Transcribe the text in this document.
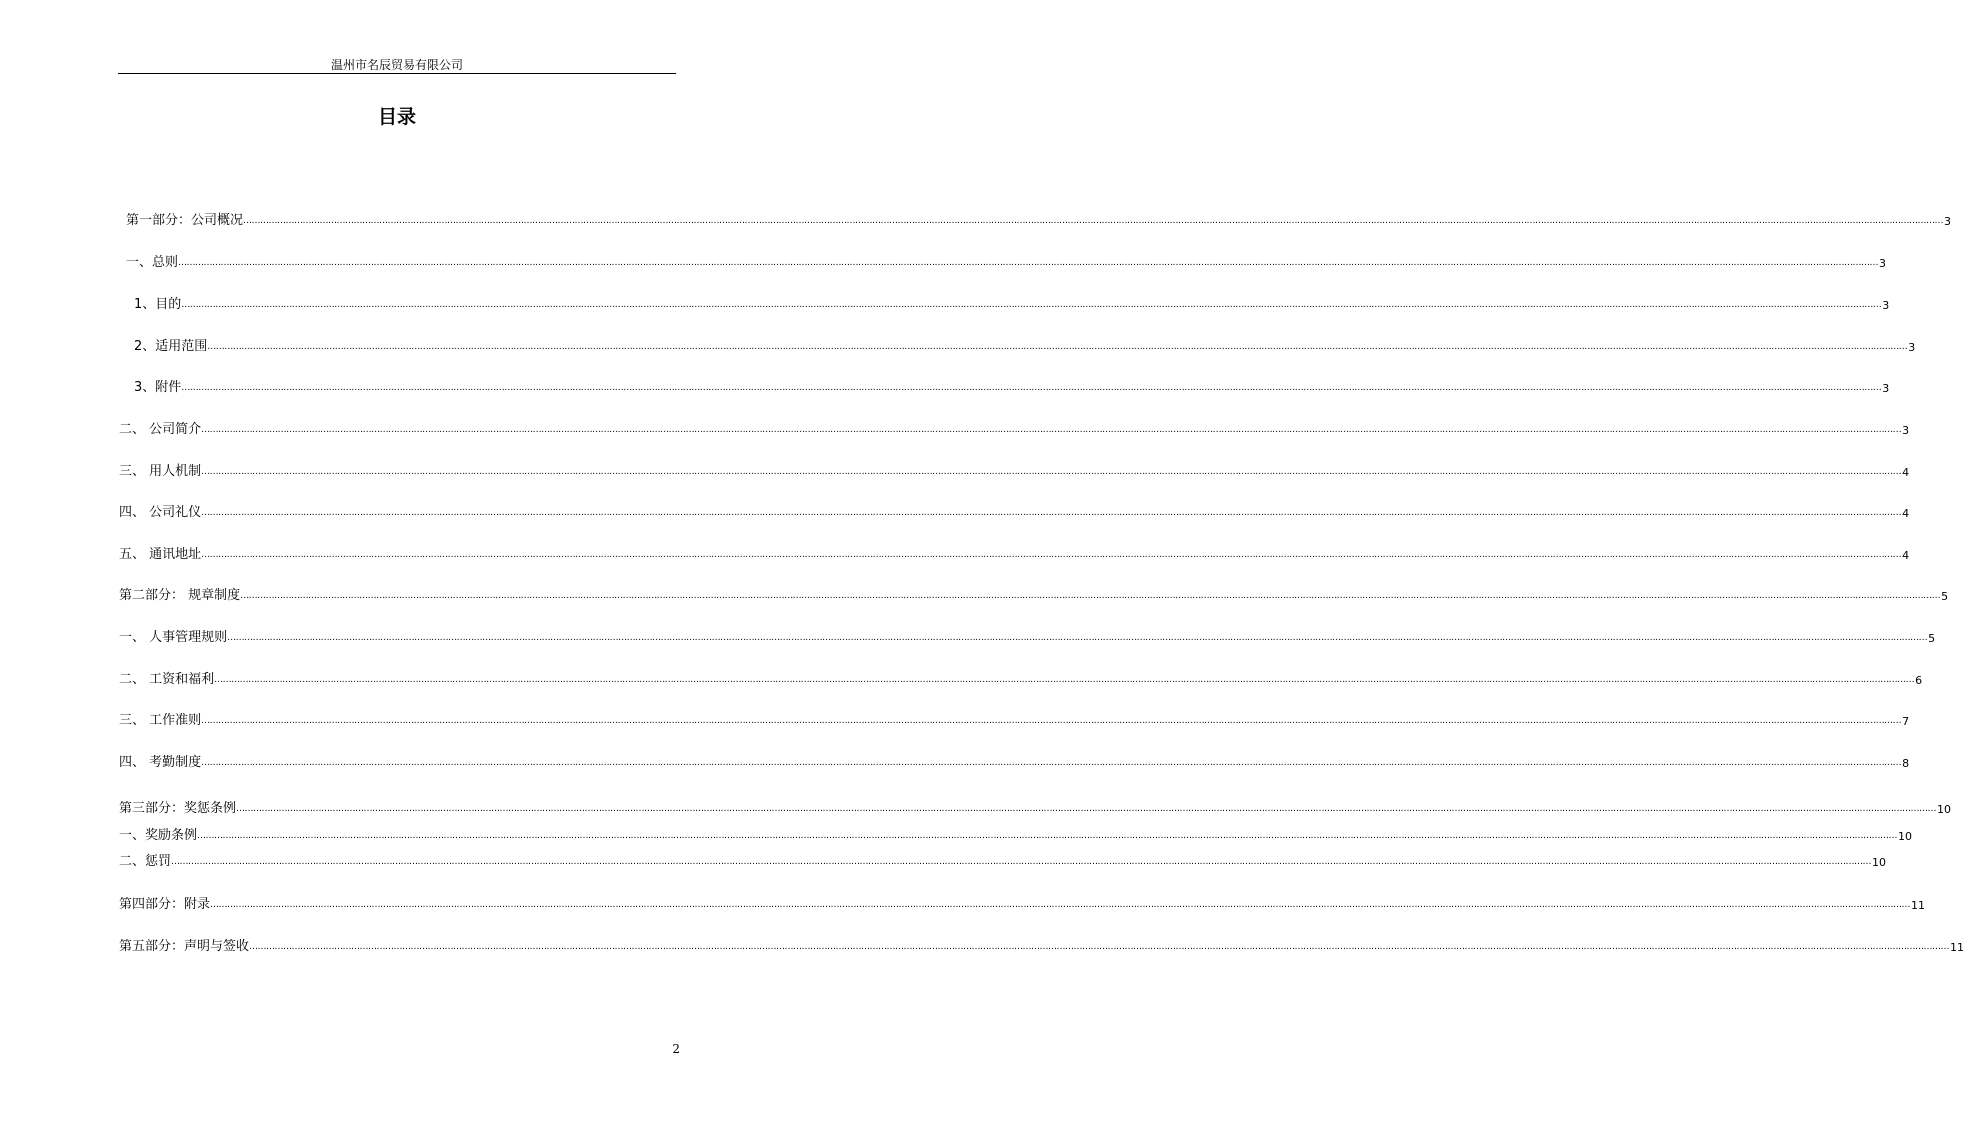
温州市名辰贸易有限公司
目录
第一部分：公司概况 …………………………………………………………………………………………………………………………………………………………………………………………………………………………………………………………………………………………………………………………………………………………………………………………………………………………………………………………………………………………………………………………………………………… 3
一、总则 …………………………………………………………………………………………………………………………………………………………………………………………………………………………………………………………………………………………………………………………………………………………………………………………………………………………………………………………………………………………………………………………………………………… 3
1、目的 …………………………………………………………………………………………………………………………………………………………………………………………………………………………………………………………………………………………………………………………………………………………………………………………………………………………………………………………………………………………………………………………………………………… 3
2、适用范围 …………………………………………………………………………………………………………………………………………………………………………………………………………………………………………………………………………………………………………………………………………………………………………………………………………………………………………………………………………………………………………………………………………………… 3
3、附件 …………………………………………………………………………………………………………………………………………………………………………………………………………………………………………………………………………………………………………………………………………………………………………………………………………………………………………………………………………………………………………………………………………………… 3
二、 公司简介 …………………………………………………………………………………………………………………………………………………………………………………………………………………………………………………………………………………………………………………………………………………………………………………………………………………………………………………………………………………………………………………………………………………… 3
三、 用人机制 …………………………………………………………………………………………………………………………………………………………………………………………………………………………………………………………………………………………………………………………………………………………………………………………………………………………………………………………………………………………………………………………………………………… 4
四、 公司礼仪 …………………………………………………………………………………………………………………………………………………………………………………………………………………………………………………………………………………………………………………………………………………………………………………………………………………………………………………………………………………………………………………………………………………… 4
五、 通讯地址 …………………………………………………………………………………………………………………………………………………………………………………………………………………………………………………………………………………………………………………………………………………………………………………………………………………………………………………………………………………………………………………………………………………… 4
第二部分： 规章制度 …………………………………………………………………………………………………………………………………………………………………………………………………………………………………………………………………………………………………………………………………………………………………………………………………………………………………………………………………………………………………………………………………………………… 5
一、 人事管理规则 …………………………………………………………………………………………………………………………………………………………………………………………………………………………………………………………………………………………………………………………………………………………………………………………………………………………………………………………………………………………………………………………………………………… 5
二、 工资和福利 …………………………………………………………………………………………………………………………………………………………………………………………………………………………………………………………………………………………………………………………………………………………………………………………………………………………………………………………………………………………………………………………………………………… 6
三、 工作准则 …………………………………………………………………………………………………………………………………………………………………………………………………………………………………………………………………………………………………………………………………………………………………………………………………………………………………………………………………………………………………………………………………………………… 7
四、 考勤制度 …………………………………………………………………………………………………………………………………………………………………………………………………………………………………………………………………………………………………………………………………………………………………………………………………………………………………………………………………………………………………………………………………………………… 8
第三部分：奖惩条例 …………………………………………………………………………………………………………………………………………………………………………………………………………………………………………………………………………………………………………………………………………………………………………………………………………………………………………………………………………………………………………………………………………………… 10
一、奖励条例 …………………………………………………………………………………………………………………………………………………………………………………………………………………………………………………………………………………………………………………………………………………………………………………………………………………………………………………………………………………………………………………………………………………… 10
二、惩罚 …………………………………………………………………………………………………………………………………………………………………………………………………………………………………………………………………………………………………………………………………………………………………………………………………………………………………………………………………………………………………………………………………………………… 10
第四部分：附录 …………………………………………………………………………………………………………………………………………………………………………………………………………………………………………………………………………………………………………………………………………………………………………………………………………………………………………………………………………………………………………………………………………………… 11
第五部分：声明与签收 …………………………………………………………………………………………………………………………………………………………………………………………………………………………………………………………………………………………………………………………………………………………………………………………………………………………………………………………………………………………………………………………………………………… 11
2
